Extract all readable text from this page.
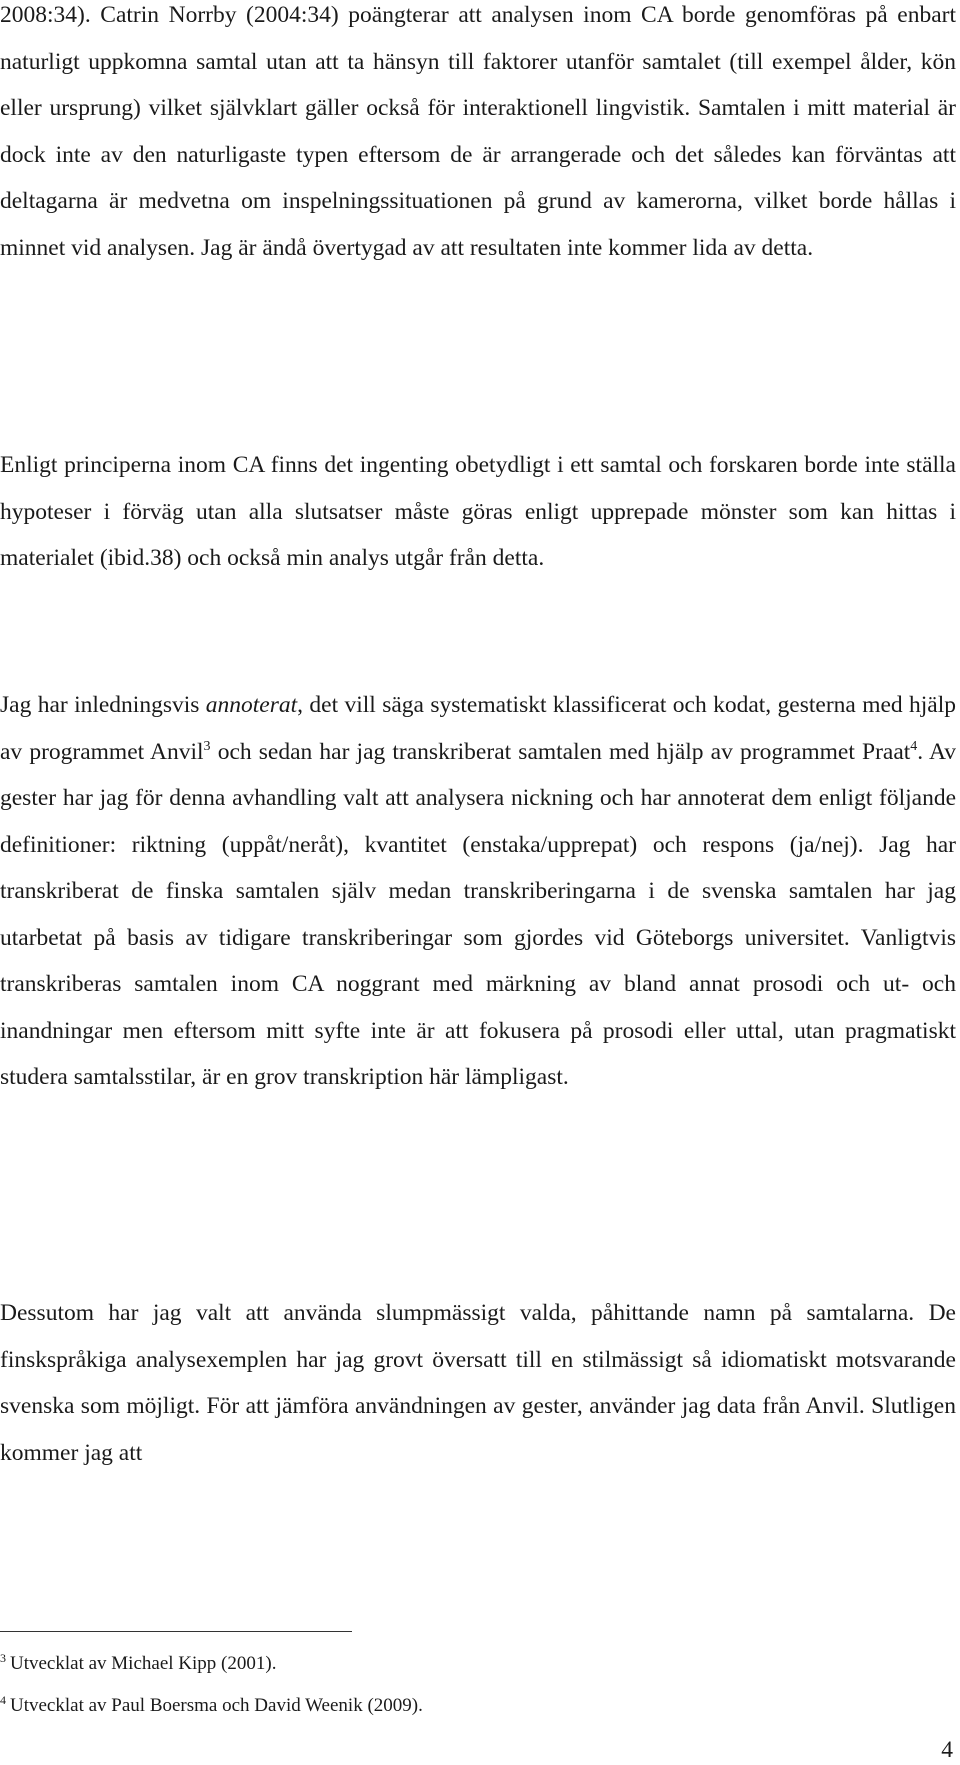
2008:34). Catrin Norrby (2004:34) poängterar att analysen inom CA borde genomföras på enbart naturligt uppkomna samtal utan att ta hänsyn till faktorer utanför samtalet (till exempel ålder, kön eller ursprung) vilket självklart gäller också för interaktionell lingvistik. Samtalen i mitt material är dock inte av den naturligaste typen eftersom de är arrangerade och det således kan förväntas att deltagarna är medvetna om inspelningssituationen på grund av kamerorna, vilket borde hållas i minnet vid analysen. Jag är ändå övertygad av att resultaten inte kommer lida av detta.

Enligt principerna inom CA finns det ingenting obetydligt i ett samtal och forskaren borde inte ställa hypoteser i förväg utan alla slutsatser måste göras enligt upprepade mönster som kan hittas i materialet (ibid.38) och också min analys utgår från detta.

Jag har inledningsvis annoterat, det vill säga systematiskt klassificerat och kodat, gesterna med hjälp av programmet Anvil$^3$ och sedan har jag transkriberat samtalen med hjälp av programmet Praat$^4$. Av gester har jag för denna avhandling valt att analysera nickning och har annoterat dem enligt följande definitioner: riktning (uppåt/neråt), kvantitet (enstaka/upprepat) och respons (ja/nej). Jag har transkriberat de finska samtalen själv medan transkriberingarna i de svenska samtalen har jag utarbetat på basis av tidigare transkriberingar som gjordes vid Göteborgs universitet. Vanligtvis transkriberas samtalen inom CA noggrant med märkning av bland annat prosodi och ut- och inandningar men eftersom mitt syfte inte är att fokusera på prosodi eller uttal, utan pragmatiskt studera samtalsstilar, är en grov transkription här lämpligast.

Dessutom har jag valt att använda slumpmässigt valda, påhittande namn på samtalarna. De finskspråkiga analysexemplen har jag grovt översatt till en stilmässigt så idiomatiskt motsvarande svenska som möjligt. För att jämföra användningen av gester, använder jag data från Anvil. Slutligen kommer jag att

$^3$ Utvecklat av Michael Kipp (2001).

$^4$ Utvecklat av Paul Boersma och David Weenik (2009).

4
